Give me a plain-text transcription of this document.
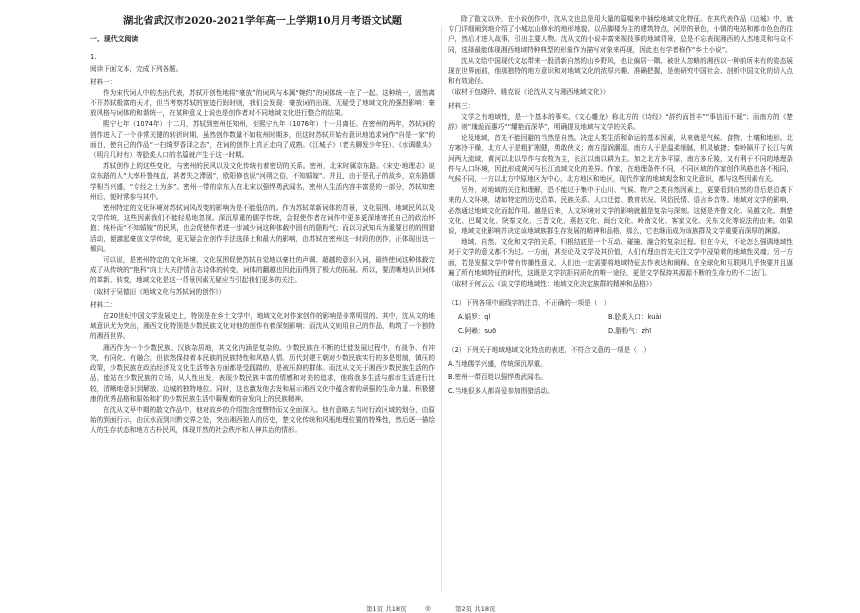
湖北省武汉市2020-2021学年高一上学期10月月考语文试题
一、现代文阅读

1.

阅读下面文本，完成下列各题。

材料一：

作为宋代词人中的杰出代表，苏轼开创性地将“豪放”的词风与本属“婉约”的词体统一在了一起。这种统一，固然离不开苏轼极富的天才，但当考察苏轼的宦迹行踪时则，我们会发现：豪放词的出现，无疑受了地域文化的强烈影响：豪放风格与词体的和谐统一，在某种意义上说也是创作者对不同地域文化进行整合的结果。

熙宁七年（1074年）十二月，苏轼到密州任知州，至熙宁九年（1076年）十一月离任。在密州的两年，苏轼词的创作进入了一个非常关键的转折时期，虽然创作数量不如杭州时期多，但这时苏轼开始有意识地追求词作“自是一家”的面目，使自己的作品“一扫绮罗香泽之态”，在词的创作上真正走向了成熟。《江城子》（老夫聊发少年狂）、《水调歌头》（明月几时有）等脍炙人口的名篇就产生于这一时期。

苏轼创作上的这些变化，与密州的民风以及文化传统有着密切的关系。密州，北宋时属京东路。《宋史·地理志》说京东路的人“大率朴鲁纯直，甚者失之滞固”，欧阳修也说“河朔之俗，不知婚嫁”。并且，由于是孔子的故乡，京东路儒学相当兴盛，“专经之士为多”。密州一带的京东人在北宋以强悍勇武闻名，密州人生活内容丰富是的一部分，苏轼知密州后，便时常参与其中。

密州特定的文化环境对苏轼词风改变的影响为是不能低估的。作为苏轼革新词体的背景，文化氛围、地域民风以及文学传统，这些因素我们不能轻易地忽视。深沉厚重的儒学传统，会促使作者在词作中更多更深地寄托自己的政治怀抱；纯朴而“不知婚嫁”的民风，也会促使作者进一步减少词这种体载中固有的脂粉气；而以习武知兵为重要目的的围猎活动，便激起豪放文学传统，更无疑会在创作手法选择上和最大的影响，由苏轼在密州这一时段的创作，正体现出这一倾向。

可以说，是密州特定的文化环境、文化氛围促使苏轼自觉地以豪壮的声调、超越的意识入词，最终使词这种体载完成了从传统的“艳科”向士大夫抒情言志诗体的转变，词体的翻越也因此而得到了极大的拓展。所以，要清晰地认识词体的革新、转变，地域文化是这一背景因素无疑应当引起我们更多的关注。

（取材于吴德田《地域文化与苏轼词的创作》）

材料二：

在20世纪中国文学发展史上，特别是在乡土文学中，地域文化对作家创作的影响是非常明显的。其中，沈从文的地域意识尤为突出，湘西文化特别是少数民族文化对他的创作有着深刻影响；而沈从文则用自己的作品，构筑了一个独特的湘西世界。

湘西作为一个少数民族、汉族杂居地，其文化内涵是复杂的。少数民族在不断的迁徙发展过程中，有战争、有冲突，有同化、有融合，但依然保持着本民族的民族特性和风格人情。历代封建王朝对少数民族实行的多是钳制，镇压的政策，少数民族在政治经济及文化生活等各方面都是受践踏的，是被压抑的群体。而沈从文关于湘西少数民族生活的作品，能站在少数民族的立场，从人性出发，表现少数民族丰富的情感和对美的追求，他将我多生活与都市生活进行比较，清晰地意识到解放、边城的独特地位。同时，这也激发他去发和展示湘西文化中蕴含着的顽强的生命力量、积极健康的优秀品格和原始和扩的少数民族生活中凝聚着的奋发向上的民族精神。

在沈从文早中期的散文作品中，他对故乡的介绍饱含度赞特而又全面深入。他有意略去当时行政区域的划分，由原始的到面行示，由沅水而到川黔交界之处，突出湘西独人的历史，楚文化传统和风瓶地理位置的特殊性，然后逐一描绘人的生存状态和地方古朴民风，体现并然的社会秩序和人神共治的情形。

除了散文以外，在小说创作中，沈从文也总是用大量的篇幅来中插绘地域文化特征。在其代表作品《边城》中，就专门详细阐到地介绍了小城坛山修水的地形地貌、以吊脚楼为主的建筑特点，河岸的景色，小镇的电站和都市色色的往户，然后才进入故事，引出主要人物。沈从文的小说丰富来视技事的地域背景，总是不忘表现湘西的人杰地灵和与众不同，选择最能体现湘西地域特种典型的形象作为描写对象来再现，因此也有学者称作“乡土小说”。

沈从文给中国现代文坛带来一股清新自然的山乡野风，也让偏居一隅、被世人忽略的湘西以一种前所未有的姿态展现在世界面前，他那独特的地方意识和对地域文化的浓厚兴趣、准确把握，是他研究中国社会、剖析中国文化的切入点和有效途径。

（取材于包晓玲、姚克说《论沈从文与湘西地域文化》）

材料三：

文学之有地域性，是一个基本的事实。《文心雕龙》称北方的《诗经》“辞约而旨丰”“事信而不诞”；而南方的《楚辞》则“瑰诡而惠巧”“耀艳而深华”，明确提及地域与文学的关系。

论及地域，首先不能回避的当然是自然。决定人类生活和命运的基本因素，从来就是气候、食物、土壤和地形。北方寒冷干燥，北方人于是粗犷刚健，勇敢侠义；南方湿润潮湿，南方人于是温柔细腻，机灵敏捷；秦岭隔开了长江与黄河两大流域，黄河以北以旱作与农牧为主，长江以南以耕为主。加之北方多平原，南方多丘陵，又有利于不同的地理条件与人口环境，因此形成黄河与长江流域文化的差异。作家，在地理条件不同，不同区域的作家创作风格也各不相同，气候不同，一方以北方中原地区为中心，北方地区和地区，现代作家的地域观念和文化意识，都与这些因素有关。

另外，对地域的关注和理解，恐不能过于集中于山川、气候、物产之类自然因素上，更要看到自然的背后是沿袭下来的人文环境，诸如特定的历史沿革、民族关系、人口迁徙、教育状况、风俗民情、语言乡音等。地域对文学的影响，必然通过地域文化而起作用。越是后来，人文环境对文学的影响就越是复杂与深刻。这便是齐鲁文化、吴越文化、荆楚文化、巴蜀文化、陕秦文化、三晋文化、燕赵文化、闽台文化、岭南文化、客家文化、关东文化等说法的由来。如果说，地域文化影响并决定该地域族群生存发展的精神和品格，那么，它也继而成为该族群及文学重要而深厚的渊源。

地域、自然、文化和文学的关系，归根结底是一个互动、碰撞、融合的复杂过程。但在今天，不论怎么强调地域性对于文学的意义都不为过。一方面，甚至论及文学及其价值，人们有理由首先关注文学中浸染着的地域性灵魂；另一方面，若是发掘文学中带有传播性意义，人们也一定需要将地域特征去作表达和阐释。在全球化和互联网几乎快要并且逼遍了所有地域特征的时代，这既是文学抗拒同质化的唯一途径，更是文学保持其源源不断的生命力的不二法门。

（取材于何云云《谈文学的地域性：地域文化决定族群的精神和品格》）

（1）下列各项中画线字的注音，不正确的一项是（　）

A.婚罗：qǐ	B.脍炙人口：kuài
C.阿赖：suō	D.脂粉气：zhī

（2）下列关于地域地域文化特点的表述，不符合文意的一项是（　）

A.当地儒学兴盛，传统深沉厚重。

B.密州一带百姓以强悍勇武闻名。

C.当地很多人都喜爱参加围猎活动。

第1页 共18页	◎	第2页 共18页
